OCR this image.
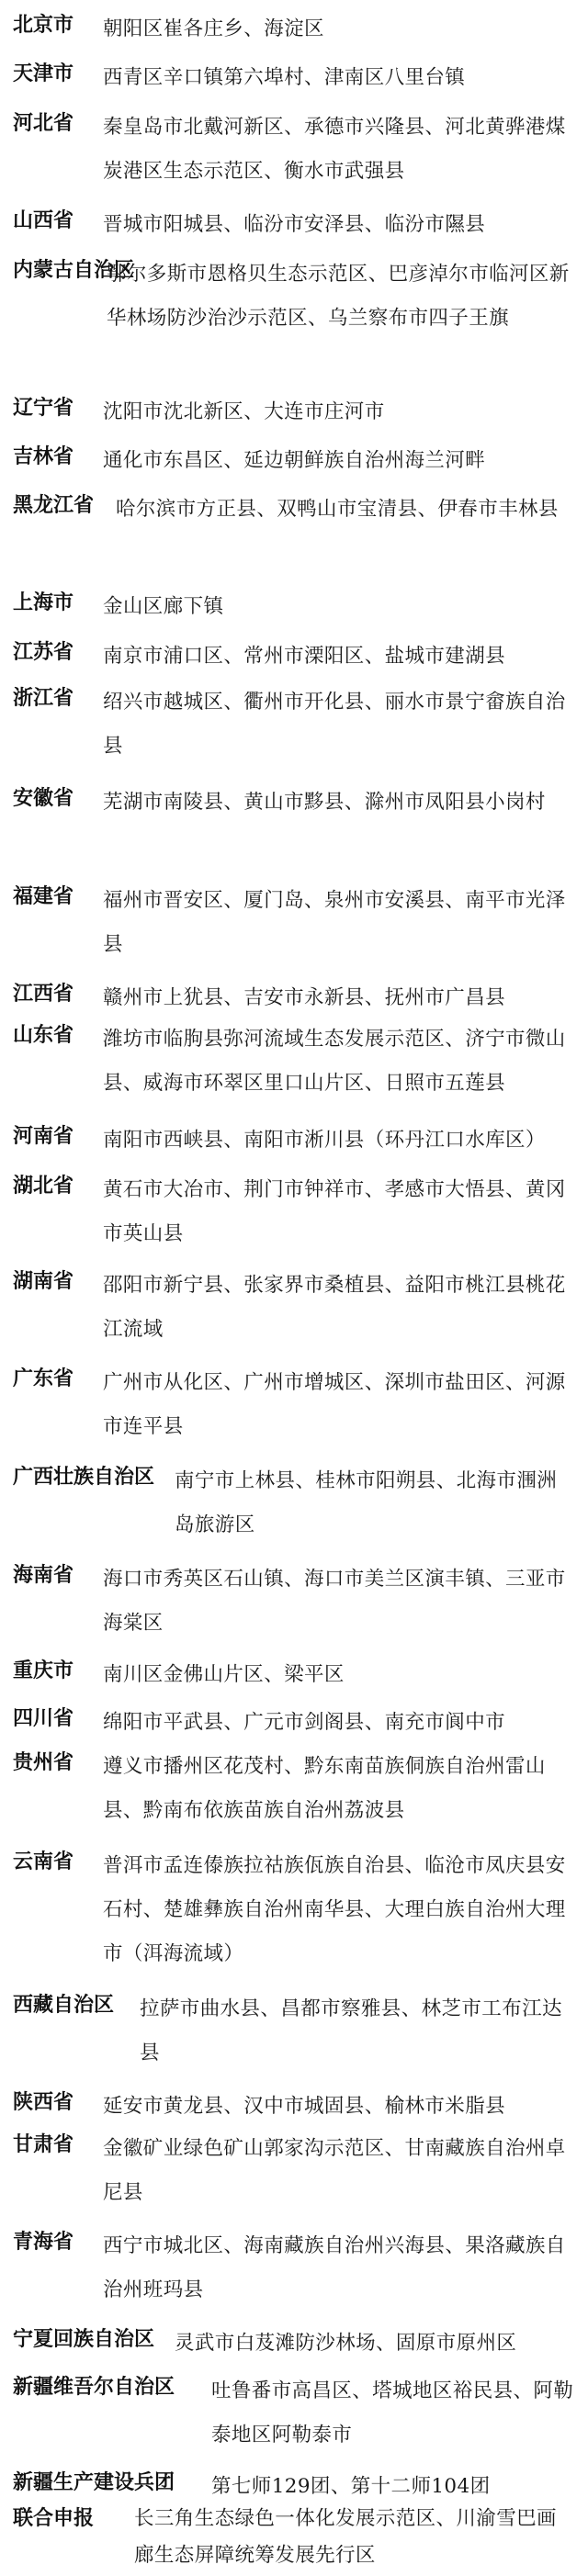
北京市 朝阳区崔各庄乡、海淀区
天津市 西青区辛口镇第六埠村、津南区八里台镇
河北省 秦皇岛市北戴河新区、承德市兴隆县、河北黄骅港煤炭港区生态示范区、衡水市武强县
山西省 晋城市阳城县、临汾市安泽县、临汾市隰县
内蒙古自治区
鄂尔多斯市恩格贝生态示范区、巴彦淖尔市临河区新华林场防沙治沙示范区、乌兰察布市四子王旗
辽宁省 沈阳市沈北新区、大连市庄河市
吉林省 通化市东昌区、延边朝鲜族自治州海兰河畔
黑龙江省 哈尔滨市方正县、双鸭山市宝清县、伊春市丰林县
上海市 金山区廊下镇
江苏省 南京市浦口区、常州市溧阳区、盐城市建湖县
浙江省 绍兴市越城区、衢州市开化县、丽水市景宁畲族自治县
安徽省 芜湖市南陵县、黄山市黟县、滁州市凤阳县小岗村
福建省 福州市晋安区、厦门岛、泉州市安溪县、南平市光泽县
江西省 赣州市上犹县、吉安市永新县、抚州市广昌县
山东省 潍坊市临朐县弥河流域生态发展示范区、济宁市微山县、威海市环翠区里口山片区、日照市五莲县
河南省 南阳市西峡县、南阳市淅川县（环丹江口水库区）
湖北省 黄石市大冶市、荆门市钟祥市、孝感市大悟县、黄冈市英山县
湖南省 邵阳市新宁县、张家界市桑植县、益阳市桃江县桃花江流域
广东省 广州市从化区、广州市增城区、深圳市盐田区、河源市连平县
广西壮族自治区 南宁市上林县、桂林市阳朔县、北海市涠洲岛旅游区
海南省 海口市秀英区石山镇、海口市美兰区演丰镇、三亚市海棠区
重庆市 南川区金佛山片区、梁平区
四川省 绵阳市平武县、广元市剑阁县、南充市阆中市
贵州省 遵义市播州区花茂村、黔东南苗族侗族自治州雷山县、黔南布依族苗族自治州荔波县
云南省 普洱市孟连傣族拉祜族佤族自治县、临沧市凤庆县安石村、楚雄彝族自治州南华县、大理白族自治州大理市（洱海流域）
西藏自治区 拉萨市曲水县、昌都市察雅县、林芝市工布江达县
陕西省 延安市黄龙县、汉中市城固县、榆林市米脂县
甘肃省 金徽矿业绿色矿山郭家沟示范区、甘南藏族自治州卓尼县
青海省 西宁市城北区、海南藏族自治州兴海县、果洛藏族自治州班玛县
宁夏回族自治区 灵武市白芨滩防沙林场、固原市原州区
新疆维吾尔自治区 吐鲁番市高昌区、塔城地区裕民县、阿勒泰地区阿勒泰市
新疆生产建设兵团 第七师129团、第十二师104团
联合申报 长三角生态绿色一体化发展示范区、川渝雪巴画廊生态屏障统筹发展先行区
